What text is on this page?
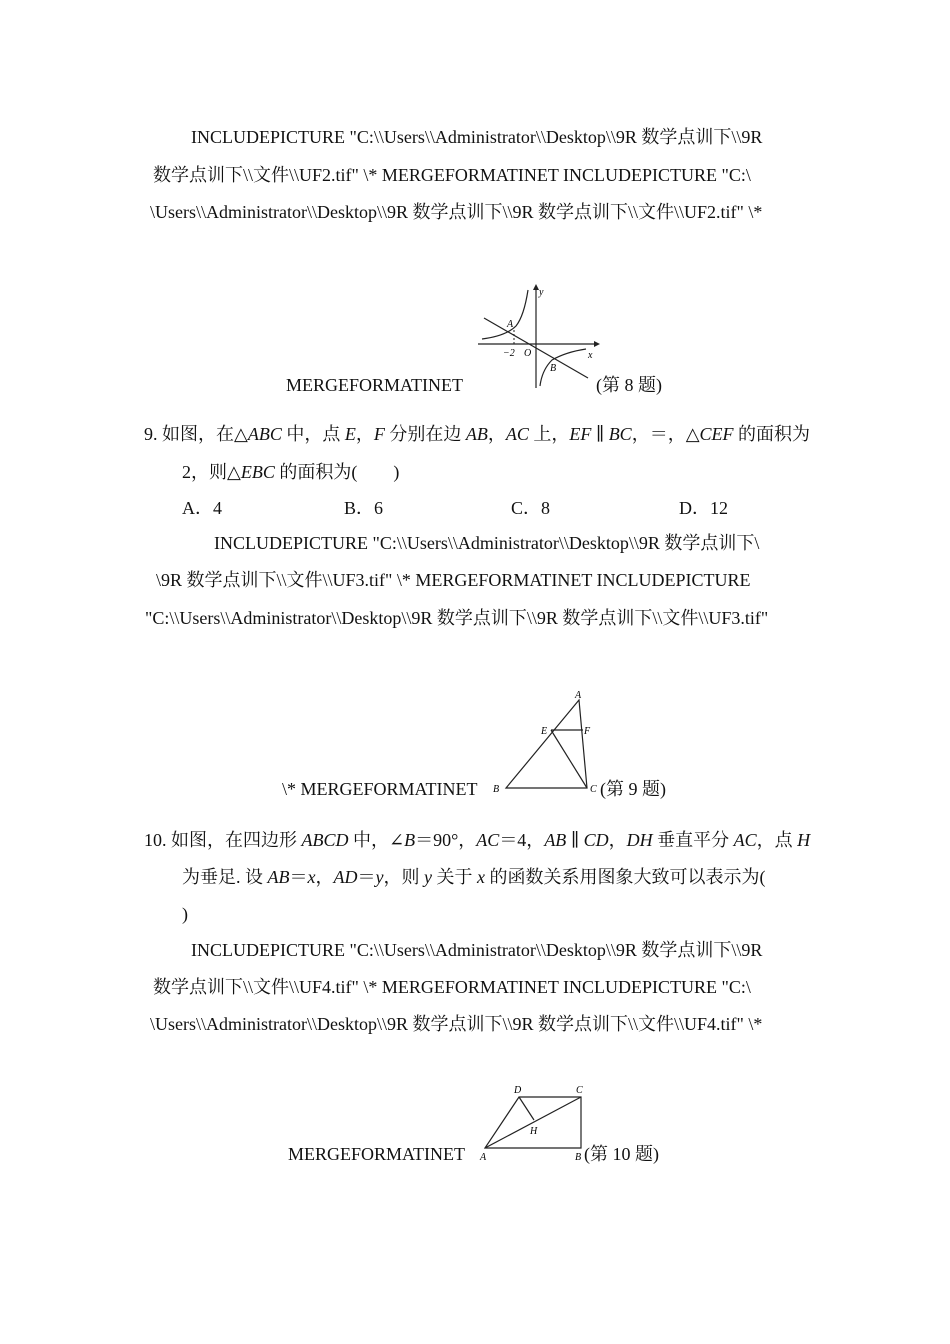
INCLUDEPICTURE "C:\\Users\\Administrator\\Desktop\\9R 数学点训下\\9R
数学点训下\\文件\\UF2.tif" \* MERGEFORMATINET INCLUDEPICTURE "C:\
\Users\\Administrator\\Desktop\\9R 数学点训下\\9R 数学点训下\\文件\\UF2.tif" \*
MERGEFORMATINET	(第 8 题)
y
x
A
B
O
−2
9. 如图，在△ABC 中，点 E，F 分别在边 AB，AC 上，EF ∥ BC，＝，△CEF 的面积为
2，则△EBC 的面积为(　　)
A．4	B．6	C．8	D．12
INCLUDEPICTURE "C:\\Users\\Administrator\\Desktop\\9R 数学点训下\
\9R 数学点训下\\文件\\UF3.tif" \* MERGEFORMATINET INCLUDEPICTURE
"C:\\Users\\Administrator\\Desktop\\9R 数学点训下\\9R 数学点训下\\文件\\UF3.tif"
\* MERGEFORMATINET	(第 9 题)
A
B	C
E	F
10. 如图，在四边形 ABCD 中，∠B＝90°，AC＝4，AB ∥ CD，DH 垂直平分 AC，点 H
为垂足. 设 AB＝x，AD＝y，则 y 关于 x 的函数关系用图象大致可以表示为(
)
INCLUDEPICTURE "C:\\Users\\Administrator\\Desktop\\9R 数学点训下\\9R
数学点训下\\文件\\UF4.tif" \* MERGEFORMATINET INCLUDEPICTURE "C:\
\Users\\Administrator\\Desktop\\9R 数学点训下\\9R 数学点训下\\文件\\UF4.tif" \*
MERGEFORMATINET	(第 10 题)
D	C
A	B
H
